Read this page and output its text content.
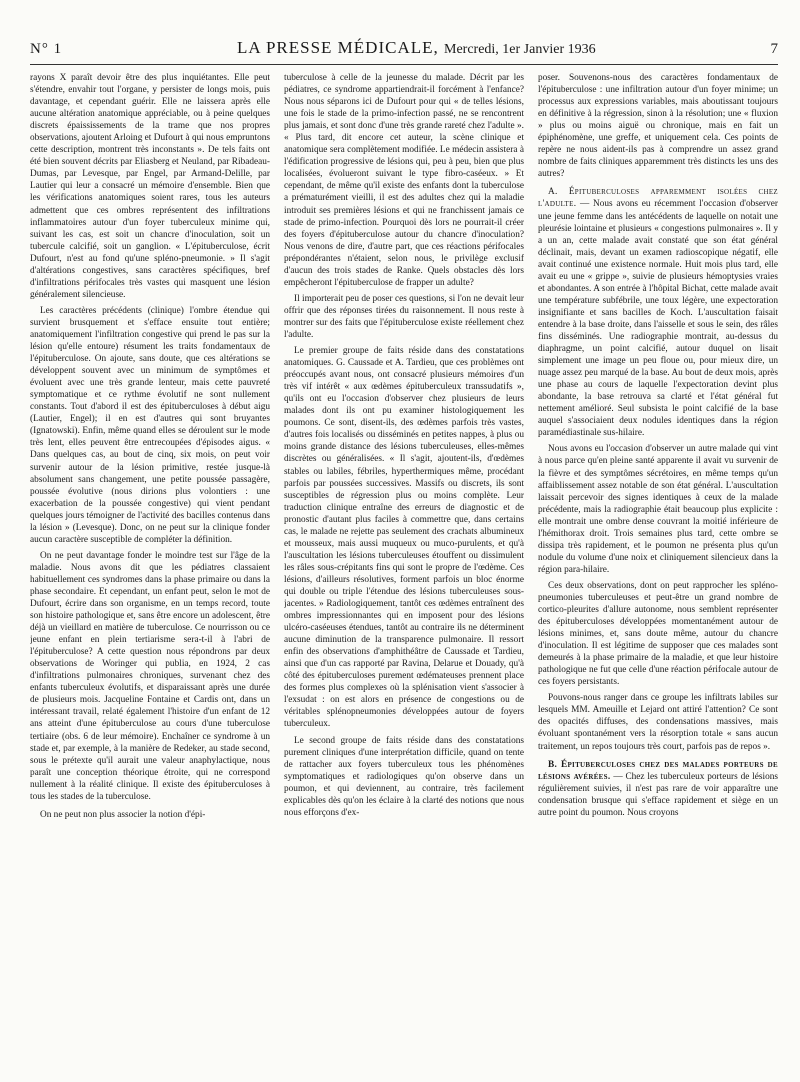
N° 1	LA PRESSE MÉDICALE, Mercredi, 1er Janvier 1936	7

rayons X paraît devoir être des plus inquiétantes. Elle peut s'étendre, envahir tout l'organe, y persister de longs mois, puis davantage, et cependant guérir. Elle ne laissera après elle aucune altération anatomique appréciable, ou à peine quelques discrets épaississements de la trame que nos propres observations, ajoutent Arloing et Dufourt à qui nous empruntons cette description, montrent très inconstants ». De tels faits ont été bien souvent décrits par Eliasberg et Neuland, par Ribadeau-Dumas, par Levesque, par Engel, par Armand-Delille, par Lautier qui leur a consacré un mémoire d'ensemble. Bien que les vérifications anatomiques soient rares, tous les auteurs admettent que ces ombres représentent des infiltrations inflammatoires autour d'un foyer tuberculeux minime qui, suivant les cas, est soit un chancre d'inoculation, soit un tubercule calcifié, soit un ganglion. « L'épituberculose, écrit Dufourt, n'est au fond qu'une spléno-pneumonie. » Il s'agit d'altérations congestives, sans caractères spécifiques, bref d'infiltrations périfocales très vastes qui masquent une lésion généralement silencieuse.

Les caractères précédents (clinique) l'ombre étendue qui survient brusquement et s'efface ensuite tout entière; anatomiquement l'infiltration congestive qui prend le pas sur la lésion qu'elle entoure) résument les traits fondamentaux de l'épituberculose. On ajoute, sans doute, que ces altérations se développent souvent avec un minimum de symptômes et évoluent avec une très grande lenteur, mais cette pauvreté symptomatique et ce rythme évolutif ne sont nullement constants. Tout d'abord il est des épituberculoses à début aigu (Lautier, Engel); il en est d'autres qui sont bruyantes (Ignatowski). Enfin, même quand elles se déroulent sur le mode très lent, elles peuvent être entrecoupées d'épisodes aigus. « Dans quelques cas, au bout de cinq, six mois, on peut voir survenir autour de la lésion primitive, restée jusque-là absolument sans changement, une petite poussée passagère, poussée évolutive (nous dirions plus volontiers : une exacerbation de la poussée congestive) qui vient pendant quelques jours témoigner de l'activité des bacilles contenus dans la lésion » (Levesque). Donc, on ne peut sur la clinique fonder aucun caractère susceptible de compléter la définition.

On ne peut davantage fonder le moindre test sur l'âge de la maladie. Nous avons dit que les pédiatres classaient habituellement ces syndromes dans la phase primaire ou dans la phase secondaire. Et cependant, un enfant peut, selon le mot de Dufourt, écrire dans son organisme, en un temps record, toute son histoire pathologique et, sans être encore un adolescent, être déjà un vieillard en matière de tuberculose. Ce nourrisson ou ce jeune enfant en plein tertiarisme sera-t-il à l'abri de l'épituberculose? A cette question nous répondrons par deux observations de Woringer qui publia, en 1924, 2 cas d'infiltrations pulmonaires chroniques, survenant chez des enfants tuberculeux évolutifs, et disparaissant après une durée de plusieurs mois. Jacqueline Fontaine et Cardis ont, dans un intéressant travail, relaté également l'histoire d'un enfant de 12 ans atteint d'une épituberculose au cours d'une tuberculose tertiaire (obs. 6 de leur mémoire). Enchaîner ce syndrome à un stade et, par exemple, à la manière de Redeker, au stade second, sous le prétexte qu'il aurait une valeur anaphylactique, nous paraît une conception théorique étroite, qui ne correspond nullement à la réalité clinique. Il existe des épituberculoses à tous les stades de la tuberculose.

On ne peut non plus associer la notion d'épi-

tuberculose à celle de la jeunesse du malade. Décrit par les pédiatres, ce syndrome appartiendrait-il forcément à l'enfance? Nous nous séparons ici de Dufourt pour qui « de telles lésions, une fois le stade de la primo-infection passé, ne se rencontrent plus jamais, et sont donc d'une très grande rareté chez l'adulte ». « Plus tard, dit encore cet auteur, la scène clinique et anatomique sera complètement modifiée. Le médecin assistera à l'édification progressive de lésions qui, peu à peu, bien que plus localisées, évolueront suivant le type fibro-caséeux. » Et cependant, de même qu'il existe des enfants dont la tuberculose a prématurément vieilli, il est des adultes chez qui la maladie introduit ses premières lésions et qui ne franchissent jamais ce stade de primo-infection. Pourquoi dès lors ne pourrait-il créer des foyers d'épituberculose autour du chancre d'inoculation? Nous venons de dire, d'autre part, que ces réactions périfocales prépondérantes n'étaient, selon nous, le privilège exclusif d'aucun des trois stades de Ranke. Quels obstacles dès lors empêcheront l'épituberculose de frapper un adulte?

Il importerait peu de poser ces questions, si l'on ne devait leur offrir que des réponses tirées du raisonnement. Il nous reste à montrer sur des faits que l'épituberculose existe réellement chez l'adulte.

Le premier groupe de faits réside dans des constatations anatomiques. G. Caussade et A. Tardieu, que ces problèmes ont préoccupés avant nous, ont consacré plusieurs mémoires d'un très vif intérêt « aux œdèmes épituberculeux transsudatifs », qu'ils ont eu l'occasion d'observer chez plusieurs de leurs malades dont ils ont pu examiner histologiquement les poumons. Ce sont, disent-ils, des œdèmes parfois très vastes, d'autres fois localisés ou disséminés en petites nappes, à plus ou moins grande distance des lésions tuberculeuses, elles-mêmes discrètes ou généralisées. « Il s'agit, ajoutent-ils, d'œdèmes stables ou labiles, fébriles, hyperthermiques même, procédant parfois par poussées successives. Massifs ou discrets, ils sont susceptibles de régression plus ou moins complète. Leur traduction clinique entraîne des erreurs de diagnostic et de pronostic d'autant plus faciles à commettre que, dans certains cas, le malade ne rejette pas seulement des crachats albumineux et mousseux, mais aussi muqueux ou muco-purulents, et qu'à l'auscultation les lésions tuberculeuses étouffent ou dissimulent les râles sous-crépitants fins qui sont le propre de l'œdème. Ces lésions, d'ailleurs résolutives, forment parfois un bloc énorme qui double ou triple l'étendue des lésions tuberculeuses sous-jacentes. » Radiologiquement, tantôt ces œdèmes entraînent des ombres impressionnantes qui en imposent pour des lésions ulcéro-caséeuses étendues, tantôt au contraire ils ne déterminent aucune diminution de la transparence pulmonaire. Il ressort enfin des observations d'amphithéâtre de Caussade et Tardieu, ainsi que d'un cas rapporté par Ravina, Delarue et Douady, qu'à côté des épituberculoses purement œdémateuses prennent place des formes plus complexes où la splénisation vient s'associer à l'exsudat : on est alors en présence de congestions ou de véritables splénopneumonies développées autour de foyers tuberculeux.

Le second groupe de faits réside dans des constatations purement cliniques d'une interprétation difficile, quand on tente de rattacher aux foyers tuberculeux tous les phénomènes symptomatiques et radiologiques qu'on observe dans un poumon, et qui deviennent, au contraire, très facilement explicables dès qu'on les éclaire à la clarté des notions que nous nous efforçons d'ex-

poser. Souvenons-nous des caractères fondamentaux de l'épituberculose : une infiltration autour d'un foyer minime; un processus aux expressions variables, mais aboutissant toujours en définitive à la régression, sinon à la résolution; une « fluxion » plus ou moins aiguë ou chronique, mais en fait un épiphénomène, une greffe, et uniquement cela. Ces points de repère ne nous aident-ils pas à comprendre un assez grand nombre de faits cliniques apparemment très distincts les uns des autres?

A. Épituberculoses apparemment isolées chez l'adulte. — Nous avons eu récemment l'occasion d'observer une jeune femme dans les antécédents de laquelle on notait une pleurésie lointaine et plusieurs « congestions pulmonaires ». Il y a un an, cette malade avait constaté que son état général déclinait, mais, devant un examen radioscopique négatif, elle avait continué une existence normale. Huit mois plus tard, elle avait eu une « grippe », suivie de plusieurs hémoptysies vraies et abondantes. A son entrée à l'hôpital Bichat, cette malade avait une température subfébrile, une toux légère, une expectoration insignifiante et sans bacilles de Koch. L'auscultation faisait entendre à la base droite, dans l'aisselle et sous le sein, des râles fins disséminés. Une radiographie montrait, au-dessus du diaphragme, un point calcifié, autour duquel on lisait simplement une image un peu floue ou, pour mieux dire, un nuage assez peu marqué de la base. Au bout de deux mois, après une phase au cours de laquelle l'expectoration devint plus abondante, la base retrouva sa clarté et l'état général fut nettement amélioré. Seul subsista le point calcifié de la base auquel s'associaient deux nodules identiques dans la région paramédiastinale sus-hilaire.

Nous avons eu l'occasion d'observer un autre malade qui vint à nous parce qu'en pleine santé apparente il avait vu survenir de la fièvre et des symptômes sécrétoires, en même temps qu'un affaiblissement assez notable de son état général. L'auscultation laissait percevoir des signes identiques à ceux de la malade précédente, mais la radiographie était beaucoup plus explicite : elle montrait une ombre dense couvrant la moitié inférieure de l'hémithorax droit. Trois semaines plus tard, cette ombre se dissipa très rapidement, et le poumon ne présenta plus qu'un nodule du volume d'une noix et cliniquement silencieux dans la région para-hilaire.

Ces deux observations, dont on peut rapprocher les spléno-pneumonies tuberculeuses et peut-être un grand nombre de cortico-pleurites d'allure autonome, nous semblent représenter des épituberculoses développées momentanément autour de lésions minimes, et, sans doute même, autour du chancre d'inoculation. Il est légitime de supposer que ces malades sont demeurés à la phase primaire de la maladie, et que leur histoire pathologique ne fut que celle d'une réaction périfocale autour de ces foyers persistants.

Pouvons-nous ranger dans ce groupe les infiltrats labiles sur lesquels MM. Ameuille et Lejard ont attiré l'attention? Ce sont des opacités diffuses, des condensations massives, mais évoluant spontanément vers la résorption totale « sans aucun traitement, un repos toujours très court, parfois pas de repos ».

B. Épituberculoses chez des malades porteurs de lésions avérées. — Chez les tuberculeux porteurs de lésions régulièrement suivies, il n'est pas rare de voir apparaître une condensation brusque qui s'efface rapidement et siège en un autre point du poumon. Nous croyons
